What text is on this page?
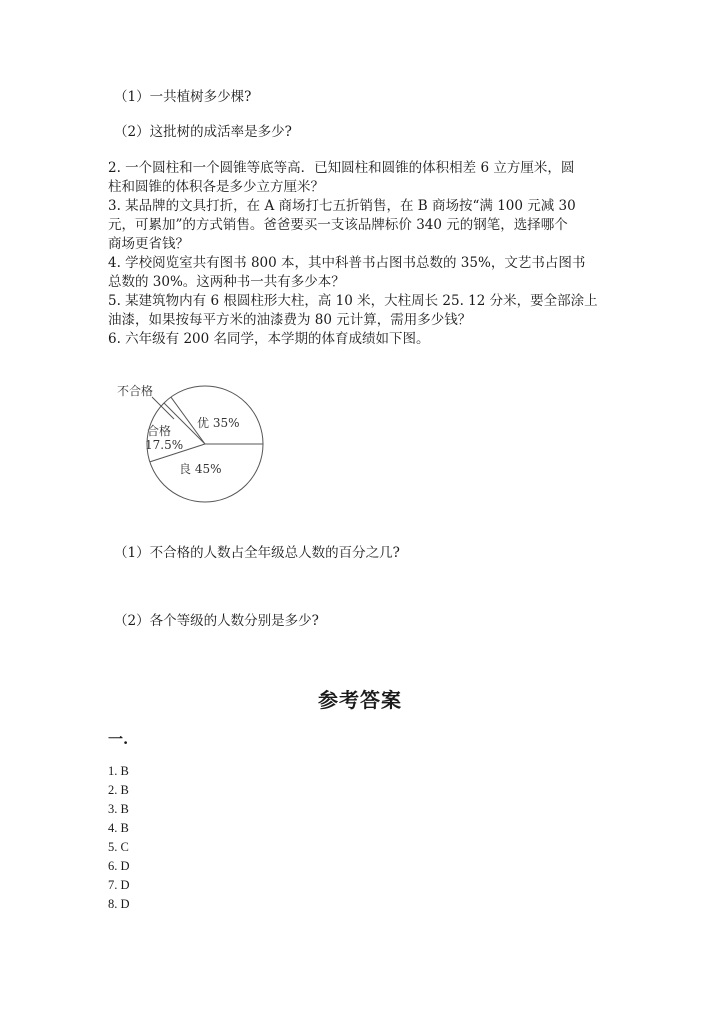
（1）一共植树多少棵?
（2）这批树的成活率是多少?
2. 一个圆柱和一个圆锥等底等高．已知圆柱和圆锥的体积相差 6 立方厘米，圆
柱和圆锥的体积各是多少立方厘米？
3. 某品牌的文具打折，在 A 商场打七五折销售，在 B 商场按“满 100 元减 30
元，可累加”的方式销售。爸爸要买一支该品牌标价 340 元的钢笔，选择哪个
商场更省钱？
4. 学校阅览室共有图书 800 本，其中科普书占图书总数的 35%，文艺书占图书
总数的 30%。这两种书一共有多少本？
5. 某建筑物内有 6 根圆柱形大柱，高 10 米，大柱周长 25. 12 分米，要全部涂上
油漆，如果按每平方米的油漆费为 80 元计算，需用多少钱？
6. 六年级有 200 名同学，本学期的体育成绩如下图。
优 35%
良 45%
合格
17.5%
不合格
（1）不合格的人数占全年级总人数的百分之几?
（2）各个等级的人数分别是多少?
参考答案
一.
1. B
2. B
3. B
4. B
5. C
6. D
7. D
8. D
